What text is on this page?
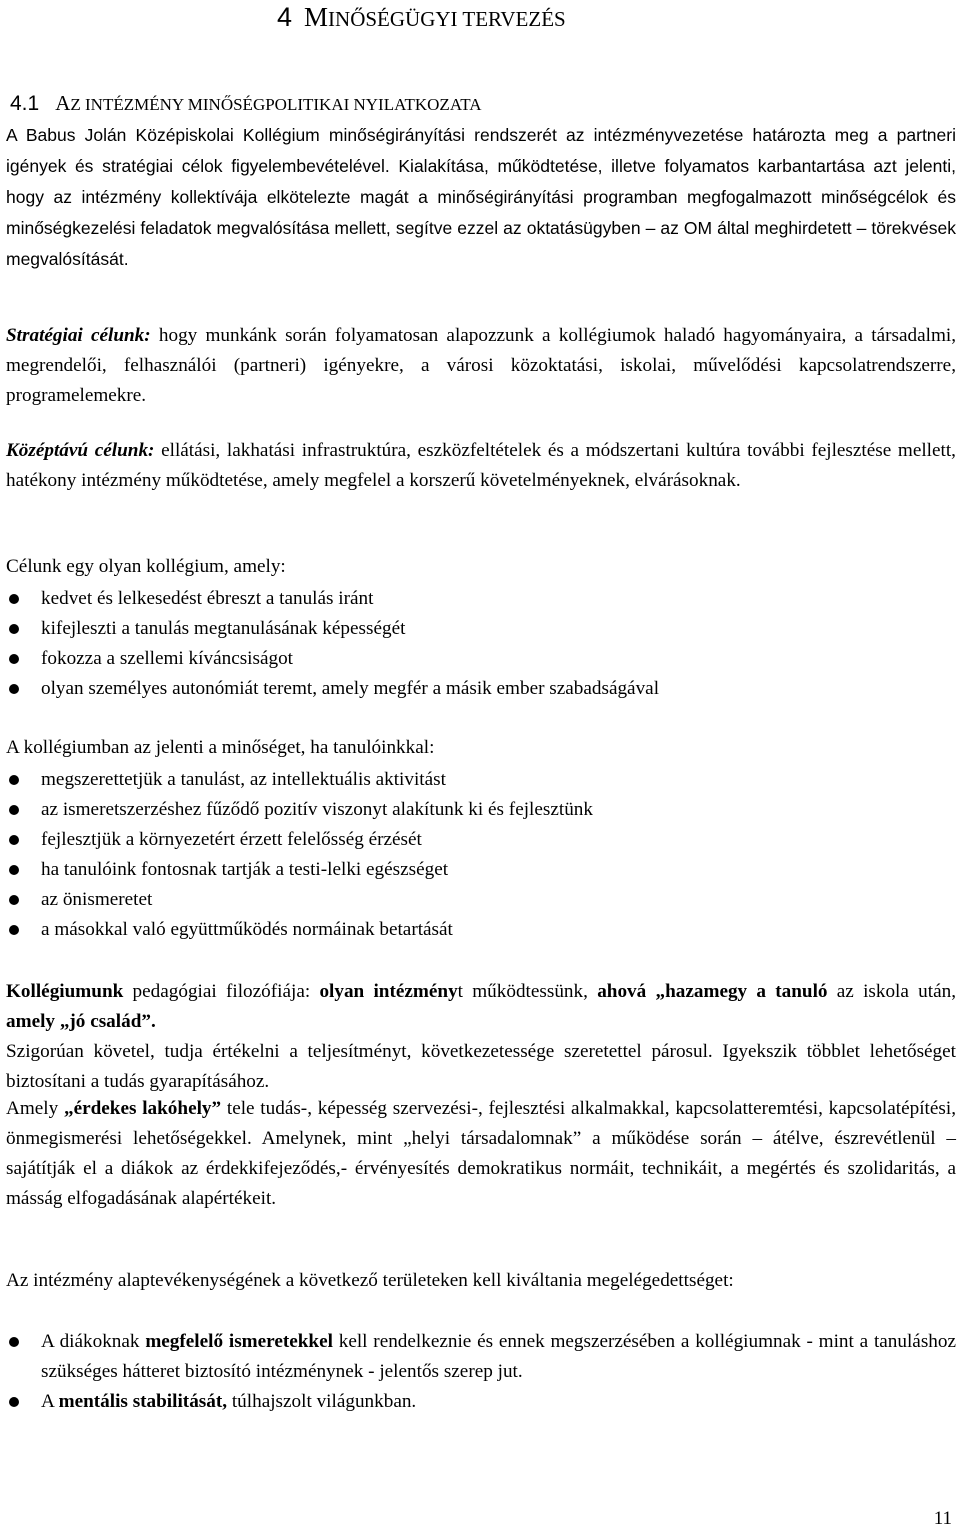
4 MINŐSÉGÜGYI TERVEZÉS
4.1 AZ INTÉZMÉNY MINŐSÉGPOLITIKAI NYILATKOZATA
A Babus Jolán Középiskolai Kollégium minőségirányítási rendszerét az intézményvezetése határozta meg a partneri igények és stratégiai célok figyelembevételével. Kialakítása, működtetése, illetve folyamatos karbantartása azt jelenti, hogy az intézmény kollektívája elkötelezte magát a minőségirányítási programban megfogalmazott minőségcélok és minőségkezelési feladatok megvalósítása mellett, segítve ezzel az oktatásügyben – az OM által meghirdetett – törekvések megvalósítását.
Stratégiai célunk: hogy munkánk során folyamatosan alapozzunk a kollégiumok haladó hagyományaira, a társadalmi, megrendelői, felhasználói (partneri) igényekre, a városi közoktatási, iskolai, művelődési kapcsolatrendszerre, programelemekre.
Középtávú célunk: ellátási, lakhatási infrastruktúra, eszközfeltételek és a módszertani kultúra további fejlesztése mellett, hatékony intézmény működtetése, amely megfelel a korszerű követelményeknek, elvárásoknak.
Célunk egy olyan kollégium, amely:
kedvet és lelkesedést ébreszt a tanulás iránt
kifejleszti a tanulás megtanulásának képességét
fokozza a szellemi kíváncsiságot
olyan személyes autonómiát teremt, amely megfér a másik ember szabadságával
A kollégiumban az jelenti a minőséget, ha tanulóinkkal:
megszerettetjük a tanulást, az intellektuális aktivitást
az ismeretszerzéshez fűződő pozitív viszonyt alakítunk ki és fejlesztünk
fejlesztjük a környezetért érzett felelősség érzését
ha tanulóink fontosnak tartják a testi-lelki egészséget
az önismeretet
a másokkal való együttműködés normáinak betartását
Kollégiumunk pedagógiai filozófiája: olyan intézményt működtessünk, ahová „hazamegy a tanuló az iskola után, amely „jó család”.
Szigorúan követel, tudja értékelni a teljesítményt, következetessége szeretettel párosul. Igyekszik többlet lehetőséget biztosítani a tudás gyarapításához.
Amely „érdekes lakóhely” tele tudás-, képesség szervezési-, fejlesztési alkalmakkal, kapcsolatteremtési, kapcsolatépítési, önmegismerési lehetőségekkel. Amelynek, mint „helyi társadalomnak” a működése során – átélve, észrevétlenül – sajátítják el a diákok az érdekkifejeződés,- érvényesítés demokratikus normáit, technikáit, a megértés és szolidaritás, a másság elfogadásának alapértékeit.
Az intézmény alaptevékenységének a következő területeken kell kiváltania megelégedettséget:
A diákoknak megfelelő ismeretekkel kell rendelkeznie és ennek megszerzésében a kollégiumnak - mint a tanuláshoz szükséges hátteret biztosító intézménynek - jelentős szerep jut.
A mentális stabilitását, túlhajszolt világunkban.
11
